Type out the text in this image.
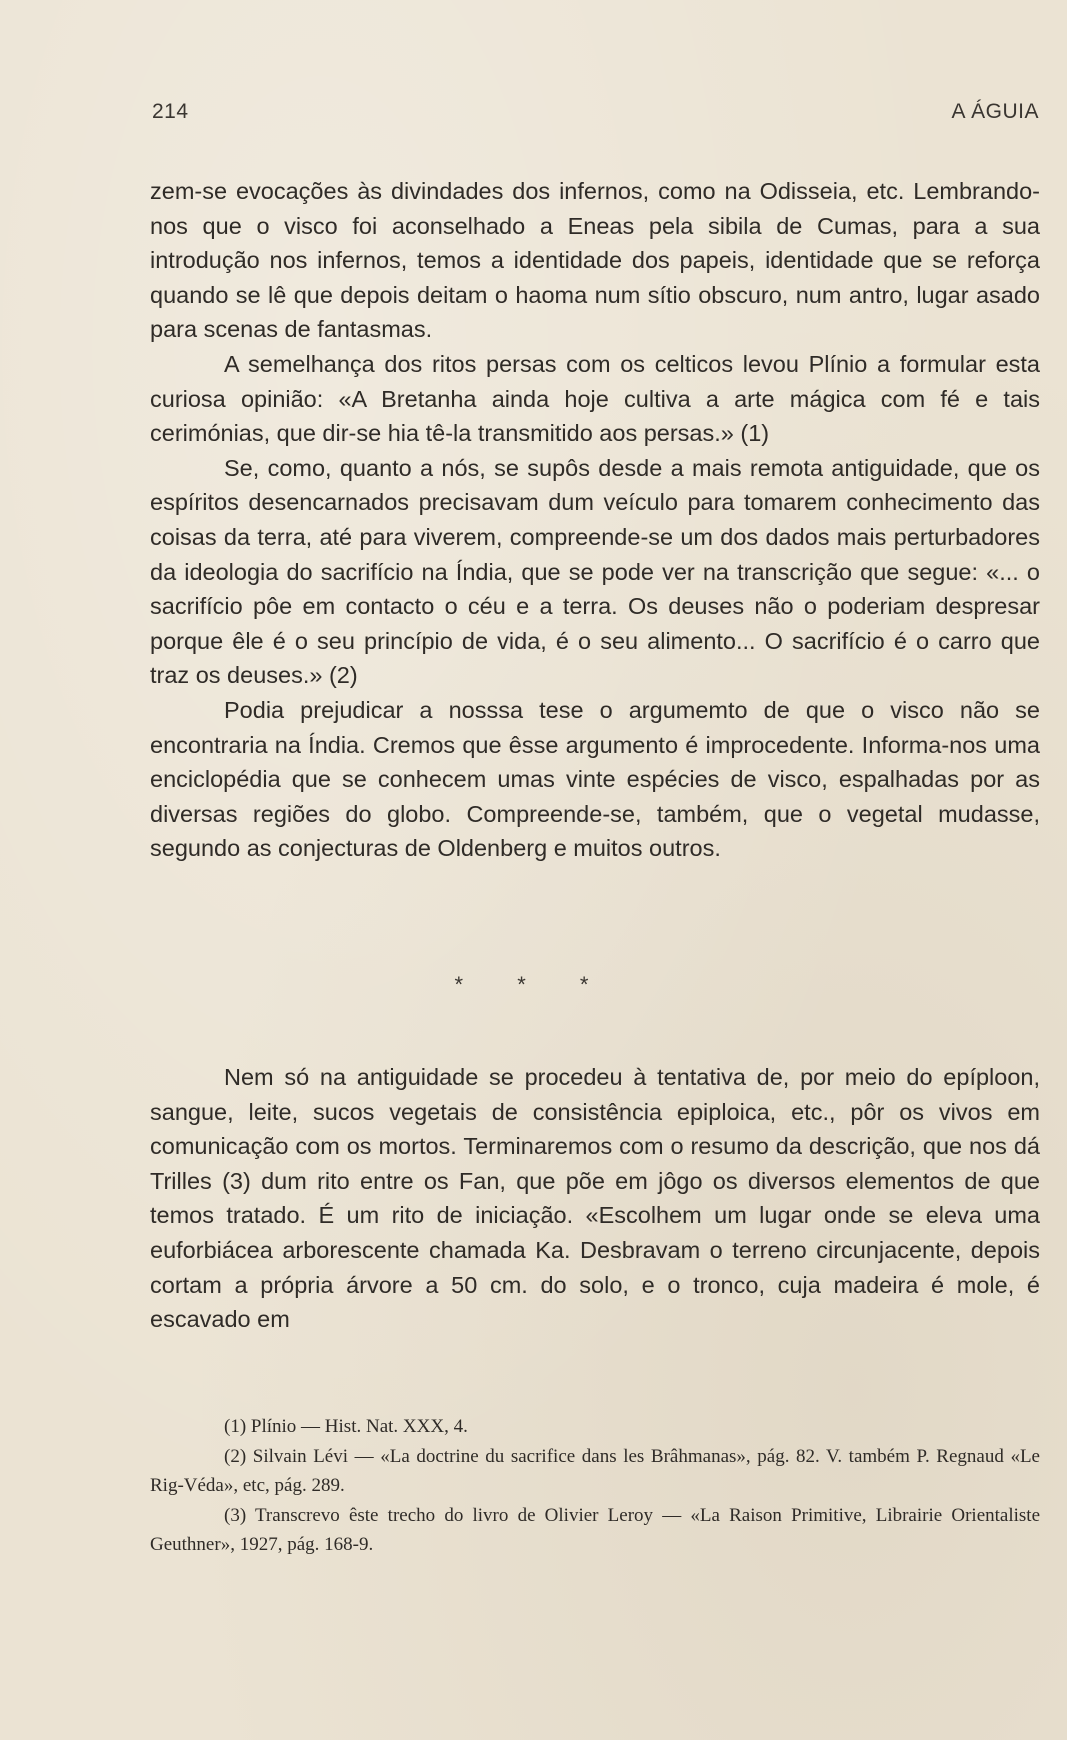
214	A ÁGUIA

zem-se evocações às divindades dos infernos, como na Odisseia, etc. Lembrando-nos que o visco foi aconselhado a Eneas pela sibila de Cumas, para a sua introdução nos infernos, temos a identidade dos papeis, identidade que se reforça quando se lê que depois deitam o haoma num sítio obscuro, num antro, lugar asado para scenas de fantasmas.

A semelhança dos ritos persas com os celticos levou Plínio a formular esta curiosa opinião: «A Bretanha ainda hoje cultiva a arte mágica com fé e tais cerimónias, que dir-se hia tê-la transmitido aos persas.» (1)

Se, como, quanto a nós, se supôs desde a mais remota antiguidade, que os espíritos desencarnados precisavam dum veículo para tomarem conhecimento das coisas da terra, até para viverem, compreende-se um dos dados mais perturbadores da ideologia do sacrifício na Índia, que se pode ver na transcrição que segue: «... o sacrifício pôe em contacto o céu e a terra. Os deuses não o poderiam despresar porque êle é o seu princípio de vida, é o seu alimento... O sacrifício é o carro que traz os deuses.» (2)

Podia prejudicar a nosssa tese o argumemto de que o visco não se encontraria na Índia. Cremos que êsse argumento é improcedente. Informa-nos uma enciclopédia que se conhecem umas vinte espécies de visco, espalhadas por as diversas regiões do globo. Compreende-se, também, que o vegetal mudasse, segundo as conjecturas de Oldenberg e muitos outros.

* * *

Nem só na antiguidade se procedeu à tentativa de, por meio do epíploon, sangue, leite, sucos vegetais de consistência epiploica, etc., pôr os vivos em comunicação com os mortos. Terminaremos com o resumo da descrição, que nos dá Trilles (3) dum rito entre os Fan, que põe em jôgo os diversos elementos de que temos tratado. É um rito de iniciação. «Escolhem um lugar onde se eleva uma euforbiácea arborescente chamada Ka. Desbravam o terreno circunjacente, depois cortam a própria árvore a 50 cm. do solo, e o tronco, cuja madeira é mole, é escavado em

(1) Plínio — Hist. Nat. XXX, 4.

(2) Silvain Lévi — «La doctrine du sacrifice dans les Brâhmanas», pág. 82. V. também P. Regnaud «Le Rig-Véda», etc, pág. 289.

(3) Transcrevo êste trecho do livro de Olivier Leroy — «La Raison Primitive, Librairie Orientaliste Geuthner», 1927, pág. 168-9.
